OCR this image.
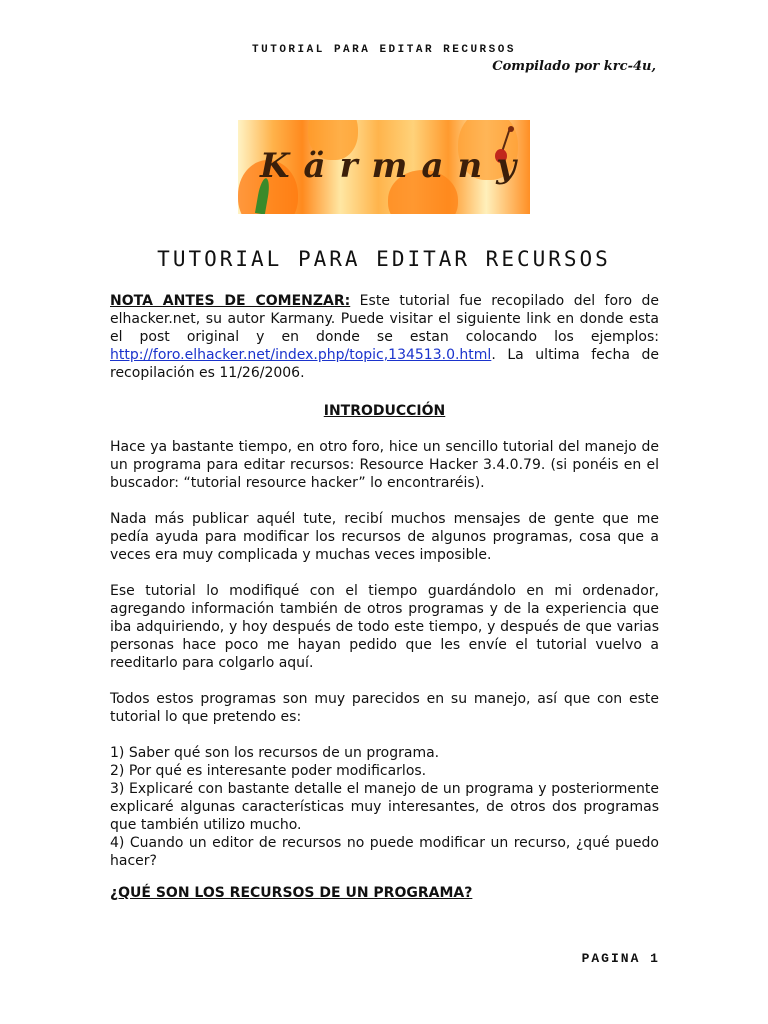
TUTORIAL PARA EDITAR RECURSOS
Compilado por krc-4u,
Kärmany
TUTORIAL PARA EDITAR RECURSOS

NOTA ANTES DE COMENZAR: Este tutorial fue recopilado del foro de elhacker.net, su autor Karmany. Puede visitar el siguiente link en donde esta el post original y en donde se estan colocando los ejemplos: http://foro.elhacker.net/index.php/topic,134513.0.html. La ultima fecha de recopilación es 11/26/2006.

INTRODUCCIÓN

Hace ya bastante tiempo, en otro foro, hice un sencillo tutorial del manejo de un programa para editar recursos: Resource Hacker 3.4.0.79. (si ponéis en el buscador: “tutorial resource hacker” lo encontraréis).

Nada más publicar aquél tute, recibí muchos mensajes de gente que me pedía ayuda para modificar los recursos de algunos programas, cosa que a veces era muy complicada y muchas veces imposible.

Ese tutorial lo modifiqué con el tiempo guardándolo en mi ordenador, agregando información también de otros programas y de la experiencia que iba adquiriendo, y hoy después de todo este tiempo, y después de que varias personas hace poco me hayan pedido que les envíe el tutorial vuelvo a reeditarlo para colgarlo aquí.

Todos estos programas son muy parecidos en su manejo, así que con este tutorial lo que pretendo es:

1) Saber qué son los recursos de un programa.

2) Por qué es interesante poder modificarlos.

3) Explicaré con bastante detalle el manejo de un programa y posteriormente explicaré algunas características muy interesantes, de otros dos programas que también utilizo mucho.

4) Cuando un editor de recursos no puede modificar un recurso, ¿qué puedo hacer?

¿QUÉ SON LOS RECURSOS DE UN PROGRAMA?
PAGINA 1
